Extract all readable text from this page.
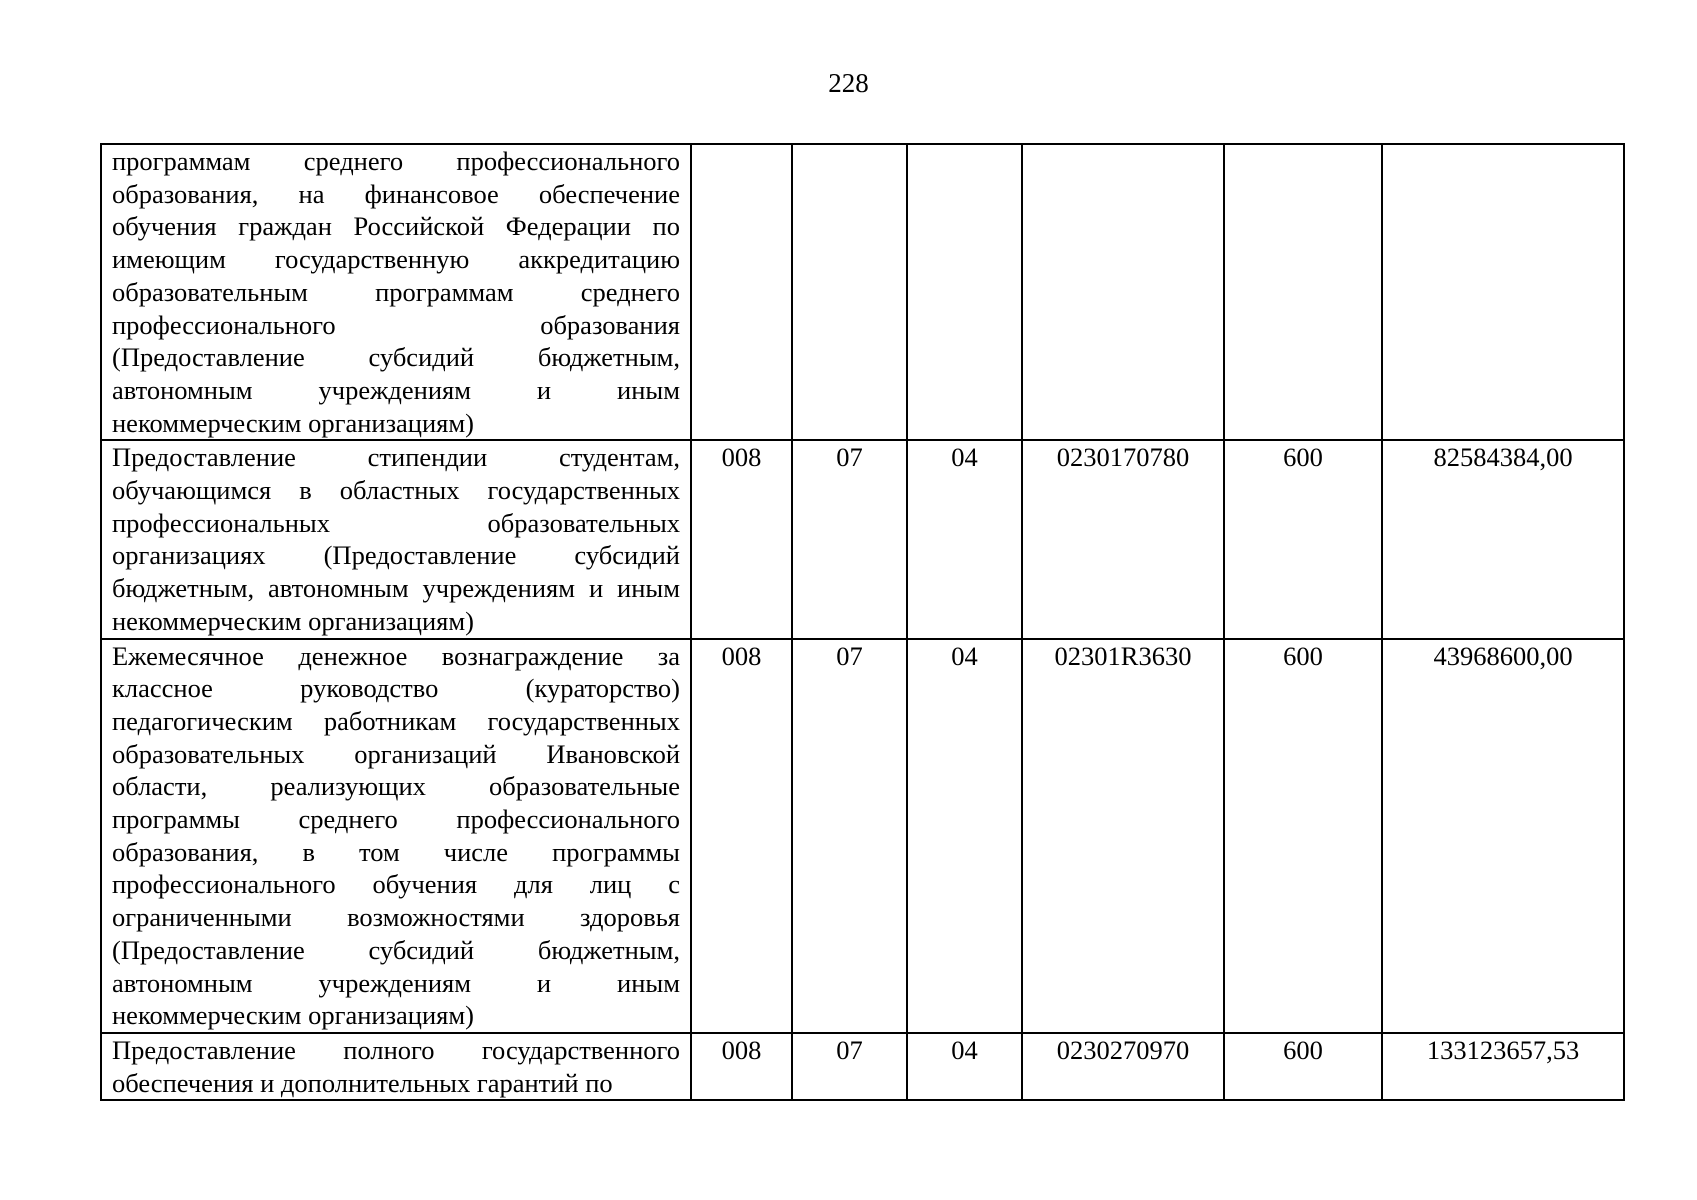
228
программам среднего профессионального образования, на финансовое обеспечение обучения граждан Российской Федерации по имеющим государственную аккредитацию образовательным программам среднего профессионального образования (Предоставление субсидий бюджетным, автономным учреждениям и иным некоммерческим организациям)						
Предоставление стипендии студентам, обучающимся в областных государственных профессиональных образовательных организациях (Предоставление субсидий бюджетным, автономным учреждениям и иным некоммерческим организациям)	008	07	04	0230170780	600	82584384,00
Ежемесячное денежное вознаграждение за классное руководство (кураторство) педагогическим работникам государственных образовательных организаций Ивановской области, реализующих образовательные программы среднего профессионального образования, в том числе программы профессионального обучения для лиц с ограниченными возможностями здоровья (Предоставление субсидий бюджетным, автономным учреждениям и иным некоммерческим организациям)	008	07	04	02301R3630	600	43968600,00
Предоставление полного государственного обеспечения и дополнительных гарантий по	008	07	04	0230270970	600	133123657,53
